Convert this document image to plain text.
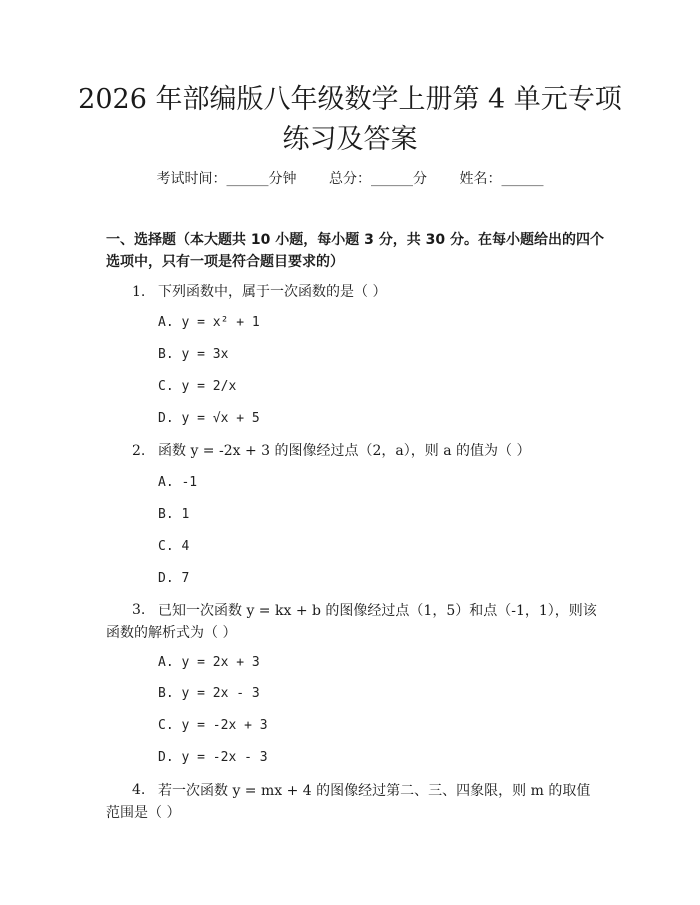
2026 年部编版八年级数学上册第 4 单元专项
练习及答案
考试时间：______分钟 总分：______分 姓名：______
一、选择题（本大题共 10 小题，每小题 3 分，共 30 分。在每小题给出的四个选项中，只有一项是符合题目要求的）
1. 下列函数中，属于一次函数的是（ ）
A. y = x² + 1
B. y = 3x
C. y = 2/x
D. y = √x + 5
2. 函数 y = -2x + 3 的图像经过点（2，a），则 a 的值为（ ）
A. -1
B. 1
C. 4
D. 7
3. 已知一次函数 y = kx + b 的图像经过点（1，5）和点（-1，1），则该函数的解析式为（ ）
A. y = 2x + 3
B. y = 2x - 3
C. y = -2x + 3
D. y = -2x - 3
4. 若一次函数 y = mx + 4 的图像经过第二、三、四象限，则 m 的取值范围是（ ）
